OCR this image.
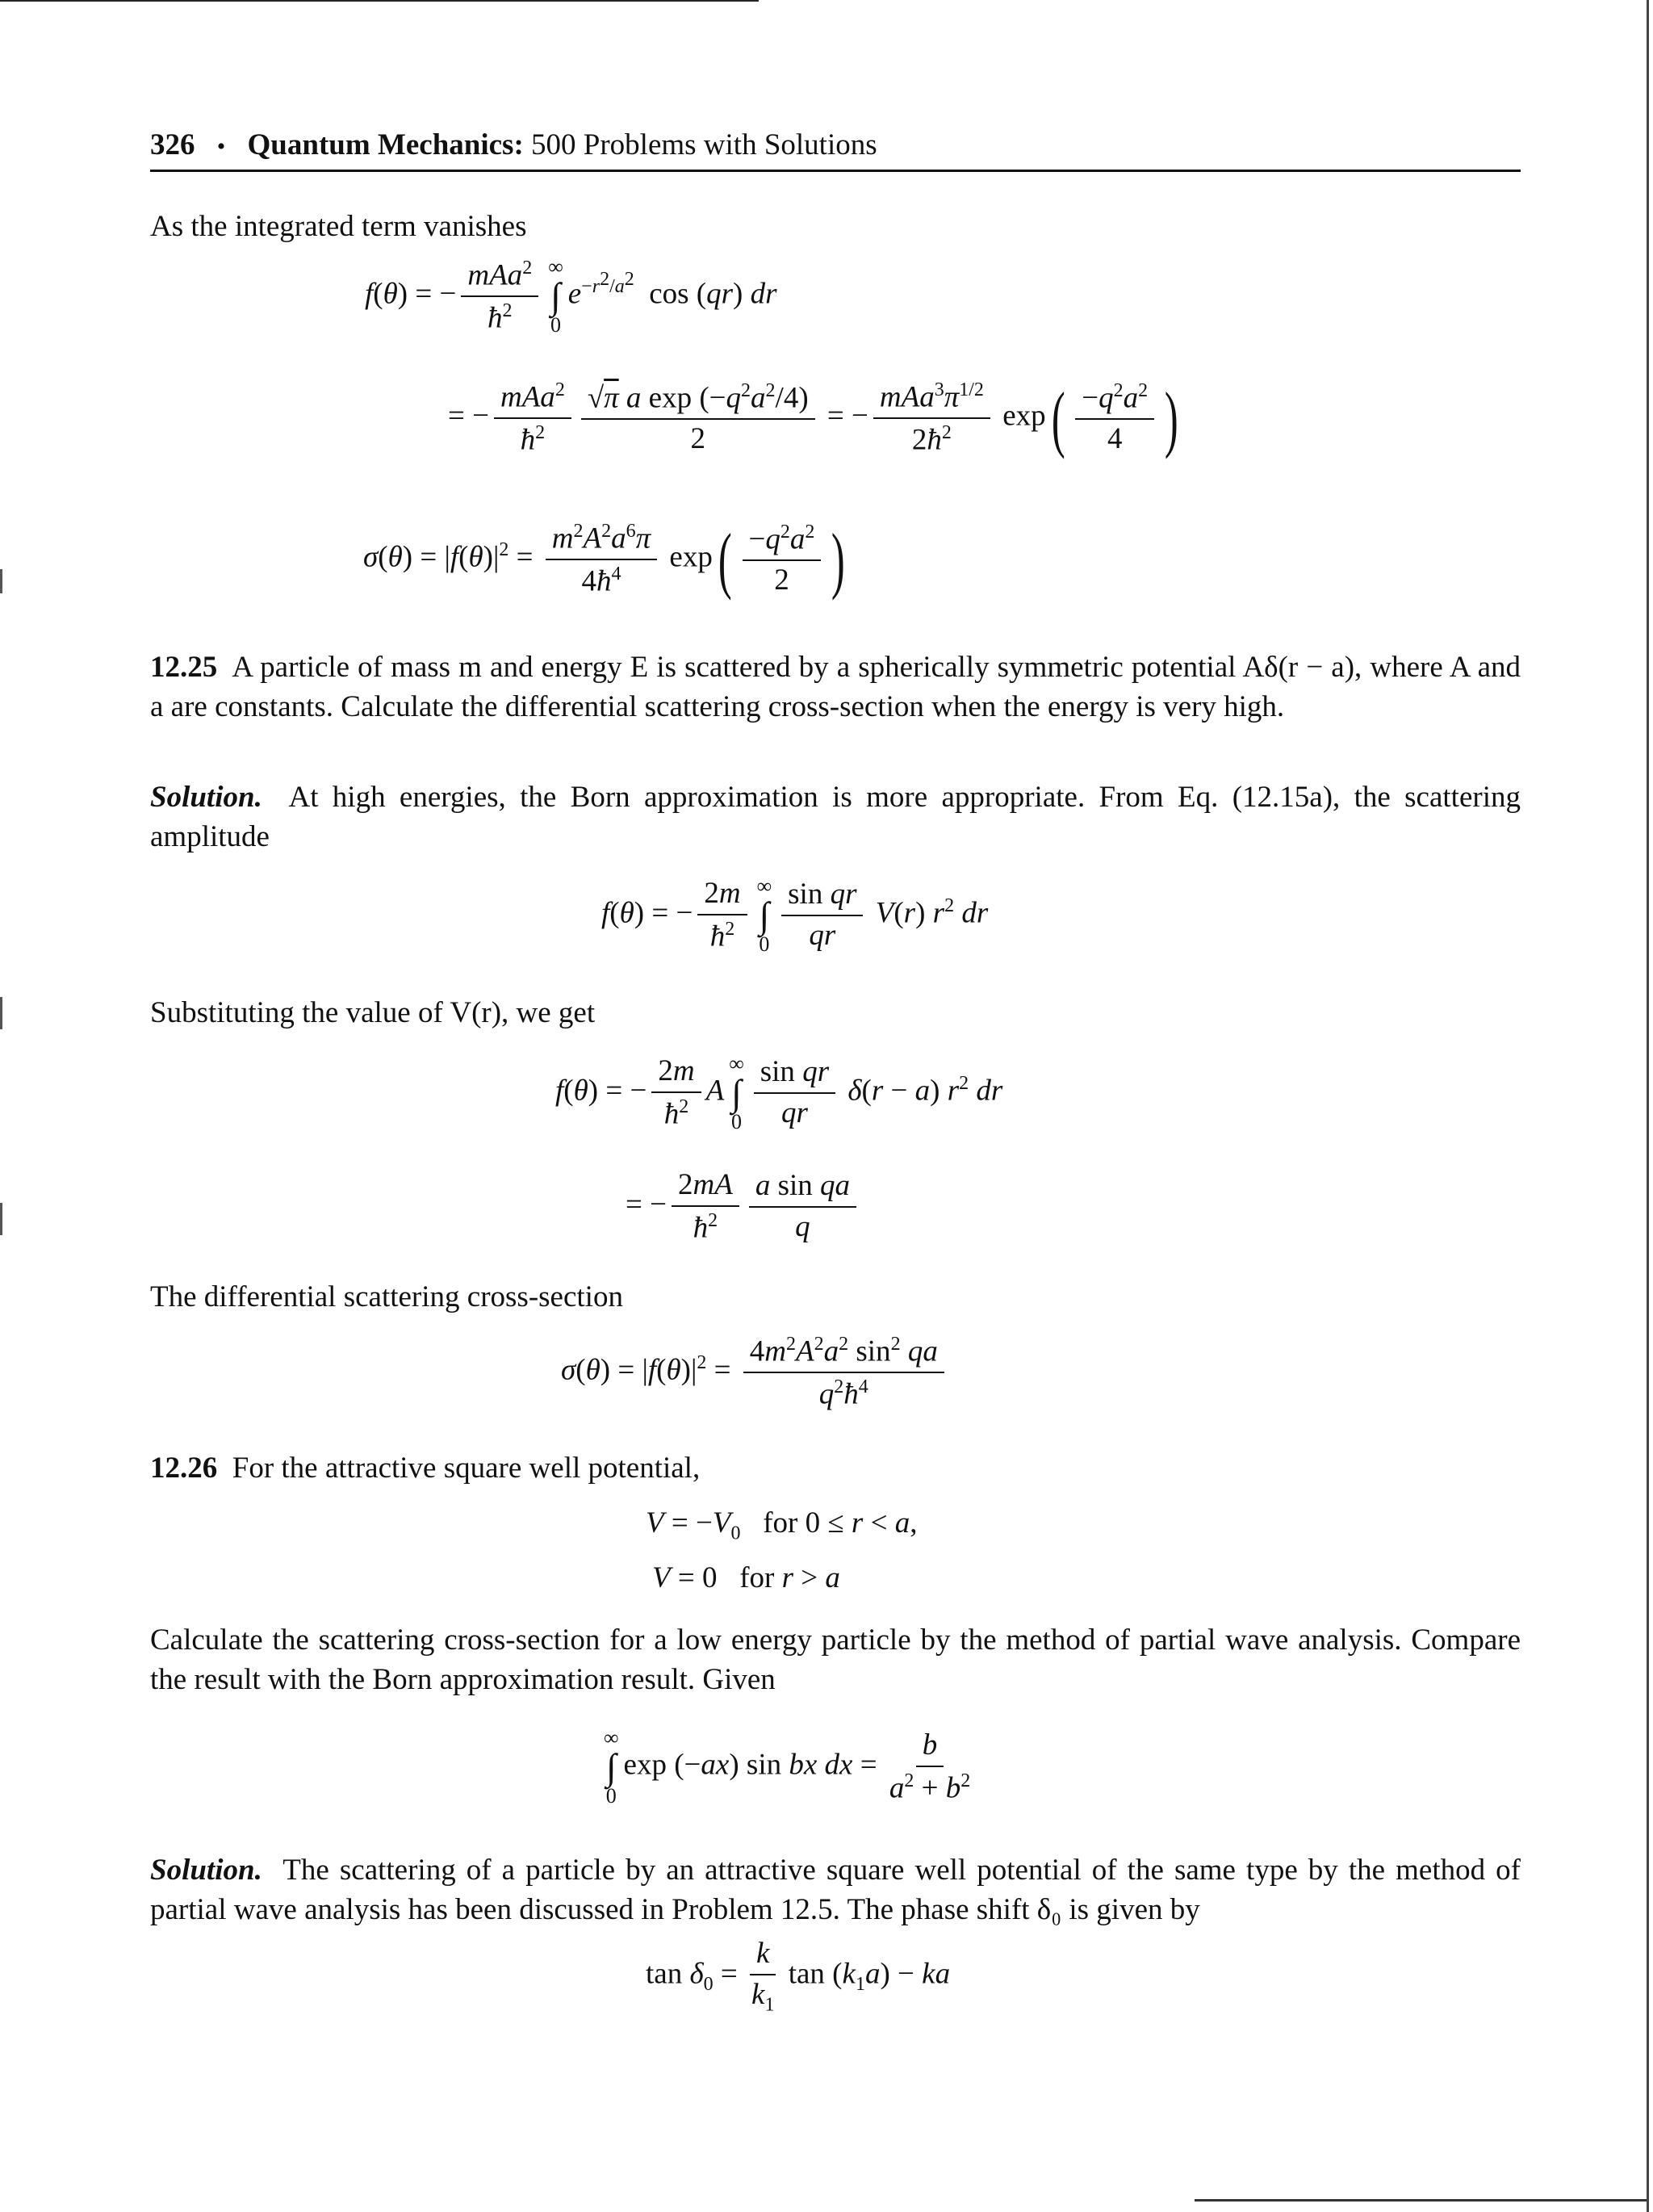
326 • Quantum Mechanics: 500 Problems with Solutions
As the integrated term vanishes
f(θ) = − $\frac{mAa^2}{ħ^2}$ ∞
∫
0
$e^{-r^2/a^2}$  cos (qr) dr
= − $\frac{mAa^2}{ħ^2} \frac{√\pi a \exp (-q^2a^2/4)}{2}$ = − $\frac{mAa^3\pi^{1/2}}{2ħ^2} \exp( \frac{-q^2a^2}{4}$ )
$\sigma(\theta) = |f(\theta)|^2 = \frac{m^2A^2a^6\pi}{4ħ^4} \exp( \frac{-q^2a^2}{2}$ )
12.25 A particle of mass m and energy E is scattered by a spherically symmetric potential Aδ(r − a), where A and a are constants. Calculate the differential scattering cross-section when the energy is very high.
Solution. At high energies, the Born approximation is more appropriate. From Eq. (12.15a), the scattering amplitude
f(θ) = − $\frac{2m}{ħ^2}$ ∞
∫
$0 \frac{\text{sin qr}}{qr} V(r)$ $r^2$ dr
Substituting the value of V(r), we get
f(θ) = − $\frac{2m}{ħ^2}$ A
∞
∫
$0 \frac{\text{sin qr}}{qr} \delta(r - a)$ $r^2$ dr
= − $\frac{2mA}{ħ^2} \frac{\text{a sin qa}}{q}$
The differential scattering cross-section
$\sigma(\theta) = |f(\theta)|^2 = \frac{4m^2A^2a^2 \sin^2 qa}{q^2ħ^4}$
12.26 For the attractive square well potential,
$V = -V_0$   for 0 ≤ r < a,
V = 0   for r > a
Calculate the scattering cross-section for a low energy particle by the method of partial wave analysis. Compare the result with the Born approximation result. Given
∞
∫
0
exp (−ax) sin bx dx = $\frac{b}{a^2 + b^2}$
Solution. The scattering of a particle by an attractive square well potential of the same type by the method of partial wave analysis has been discussed in Problem 12.5. The phase shift δ₀ is given by
$\tan \delta_0 = \frac{k}{k_1}$ $\tan (k_1a)$ − ka
